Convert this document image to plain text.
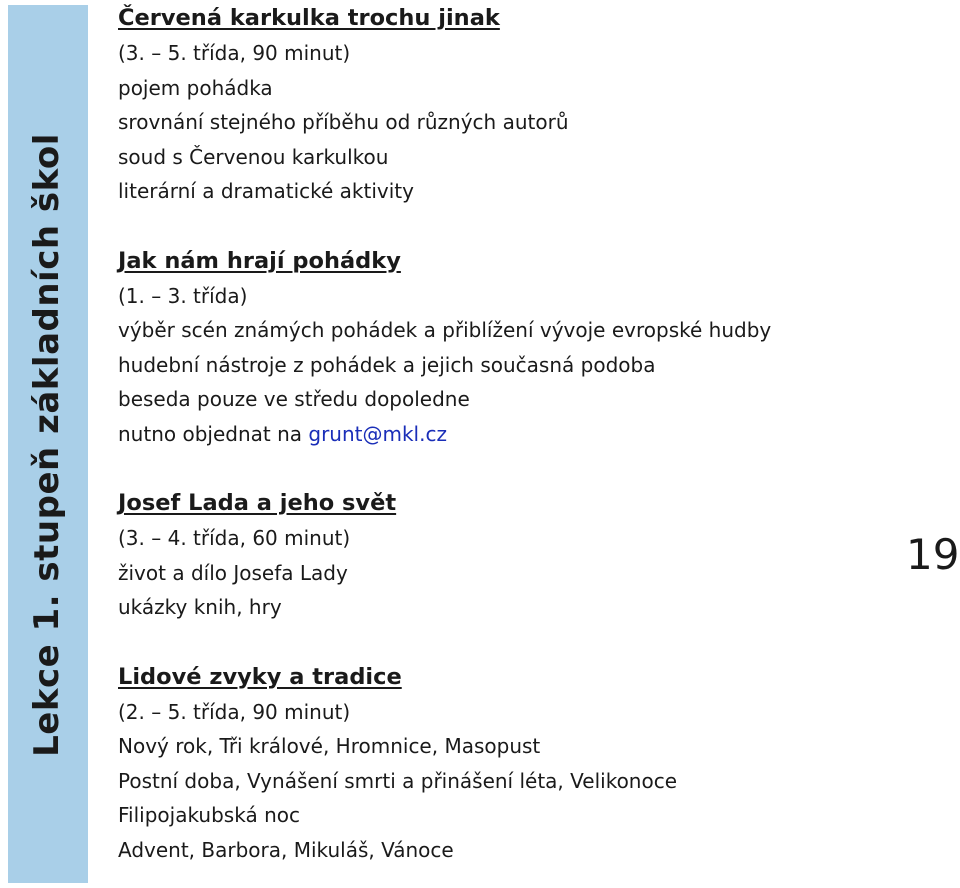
Lekce 1. stupeň základních škol
Červená karkulka trochu jinak
(3. – 5. třída, 90 minut)
pojem pohádka
srovnání stejného příběhu od různých autorů
soud s Červenou karkulkou
literární a dramatické aktivity
Jak nám hrají pohádky
(1. – 3. třída)
výběr scén známých pohádek a přiblížení vývoje evropské hudby
hudební nástroje z pohádek a jejich současná podoba
beseda pouze ve středu dopoledne
nutno objednat na grunt@mkl.cz
Josef Lada a jeho svět
(3. – 4. třída, 60 minut)
život a dílo Josefa Lady
ukázky knih, hry
Lidové zvyky a tradice
(2. – 5. třída, 90 minut)
Nový rok, Tři králové, Hromnice, Masopust
Postní doba, Vynášení smrti a přinášení léta, Velikonoce
Filipojakubská noc
Advent, Barbora, Mikuláš, Vánoce
19
